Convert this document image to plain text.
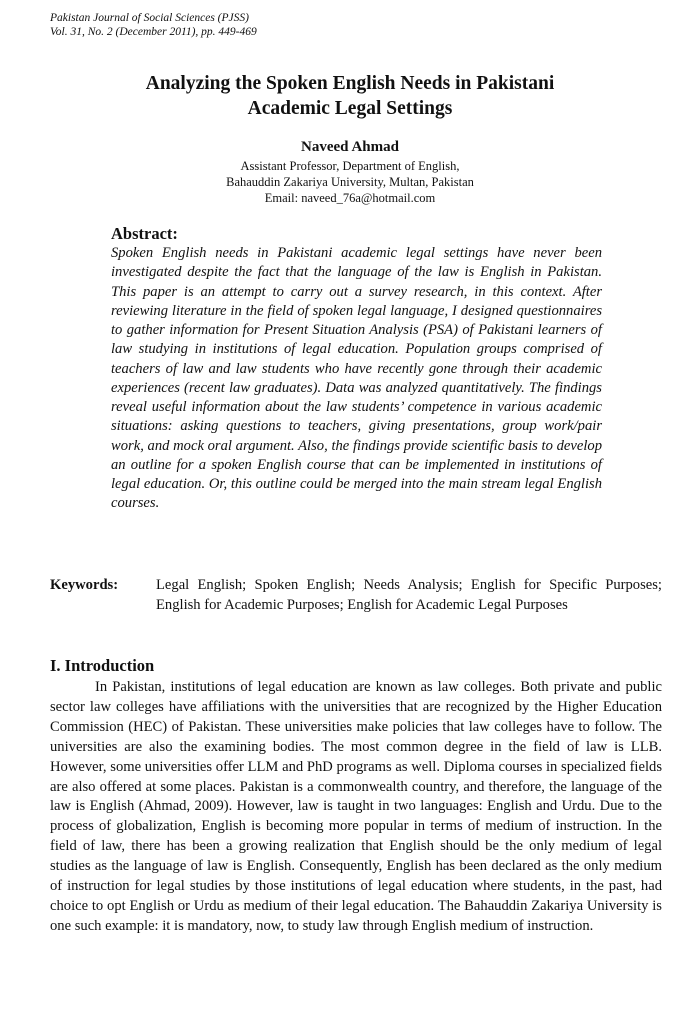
Pakistan Journal of Social Sciences (PJSS)
Vol. 31, No. 2 (December 2011), pp. 449-469
Analyzing the Spoken English Needs in Pakistani
Academic Legal Settings
Naveed Ahmad
Assistant Professor, Department of English,
Bahauddin Zakariya University, Multan, Pakistan
Email: naveed_76a@hotmail.com
Abstract:
Spoken English needs in Pakistani academic legal settings have never been investigated despite the fact that the language of the law is English in Pakistan. This paper is an attempt to carry out a survey research, in this context. After reviewing literature in the field of spoken legal language, I designed questionnaires to gather information for Present Situation Analysis (PSA) of Pakistani learners of law studying in institutions of legal education. Population groups comprised of teachers of law and law students who have recently gone through their academic experiences (recent law graduates). Data was analyzed quantitatively. The findings reveal useful information about the law students’ competence in various academic situations: asking questions to teachers, giving presentations, group work/pair work, and mock oral argument. Also, the findings provide scientific basis to develop an outline for a spoken English course that can be implemented in institutions of legal education. Or, this outline could be merged into the main stream legal English courses.
Keywords:	Legal English; Spoken English; Needs Analysis; English for Specific Purposes; English for Academic Purposes; English for Academic Legal Purposes
I. Introduction
In Pakistan, institutions of legal education are known as law colleges. Both private and public sector law colleges have affiliations with the universities that are recognized by the Higher Education Commission (HEC) of Pakistan. These universities make policies that law colleges have to follow. The universities are also the examining bodies. The most common degree in the field of law is LLB. However, some universities offer LLM and PhD programs as well. Diploma courses in specialized fields are also offered at some places. Pakistan is a commonwealth country, and therefore, the language of the law is English (Ahmad, 2009). However, law is taught in two languages: English and Urdu. Due to the process of globalization, English is becoming more popular in terms of medium of instruction. In the field of law, there has been a growing realization that English should be the only medium of legal studies as the language of law is English. Consequently, English has been declared as the only medium of instruction for legal studies by those institutions of legal education where students, in the past, had choice to opt English or Urdu as medium of their legal education. The Bahauddin Zakariya University is one such example: it is mandatory, now, to study law through English medium of instruction.
